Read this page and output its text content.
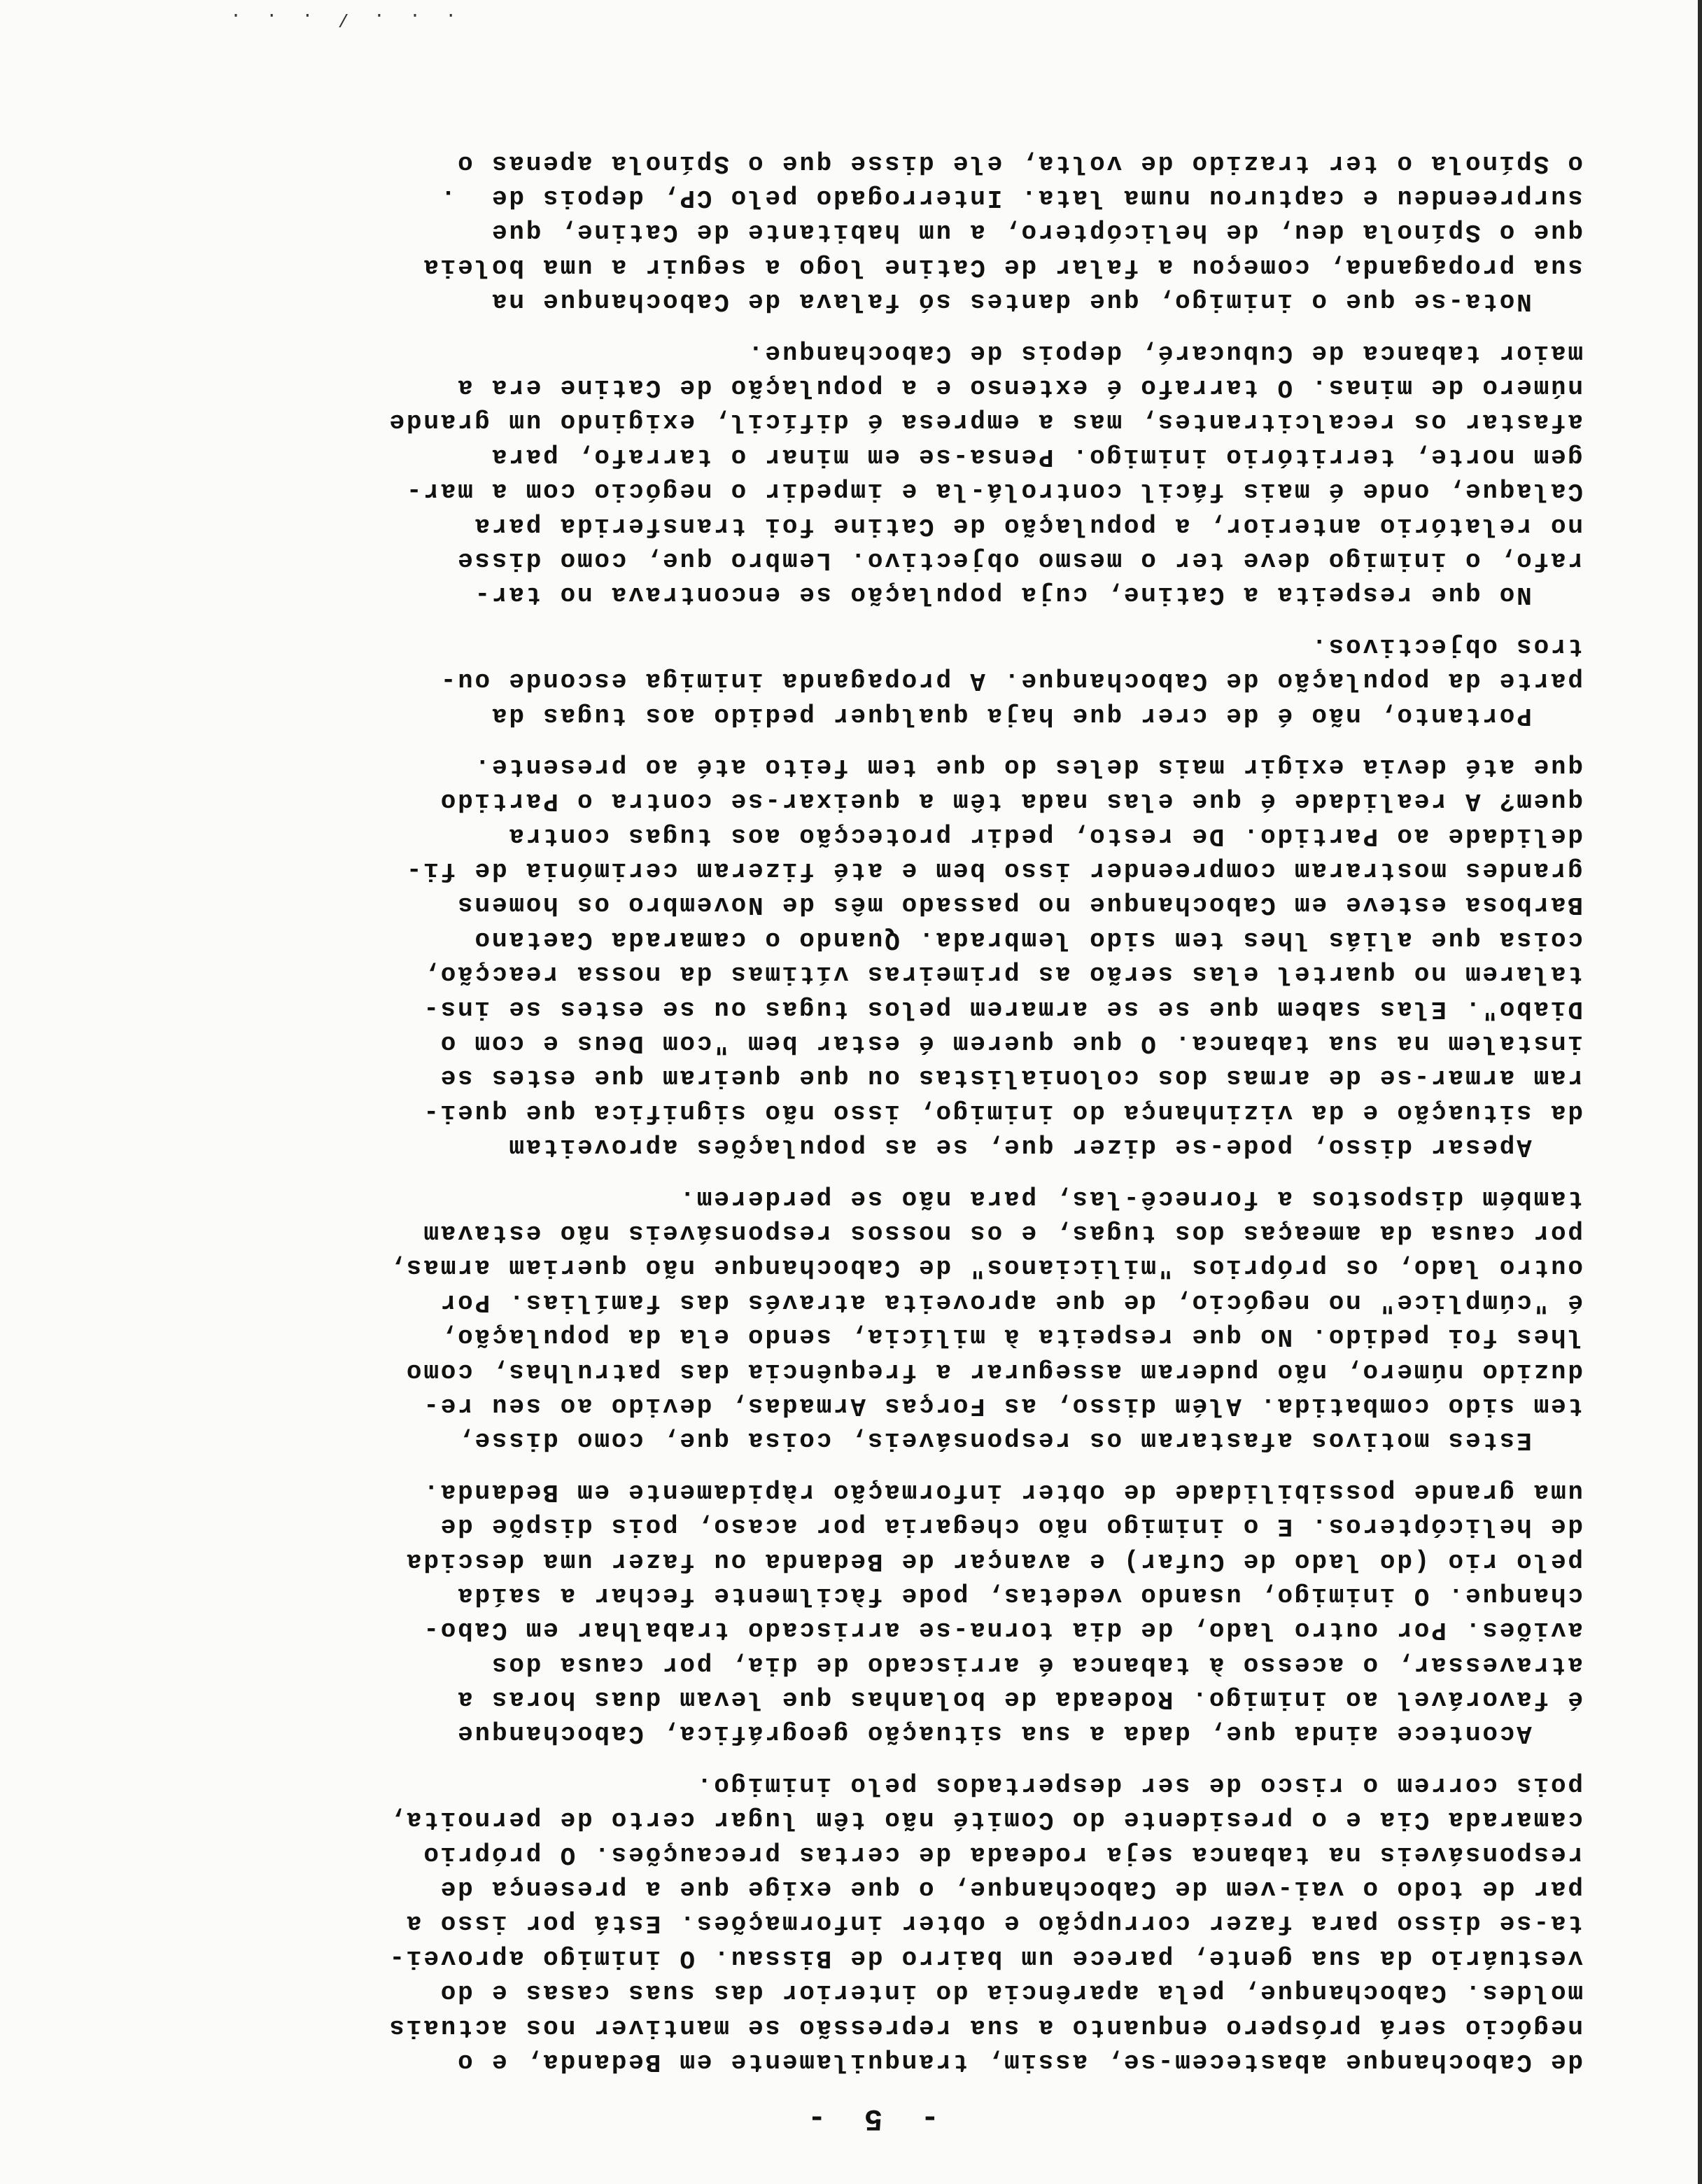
- 5 -
de Cabochanque abastecem-se, assim, tranquilamente em Bedanda, e o
negócio será próspero enquanto a sua repressão se mantiver nos actuais
moldes. Cabochanque, pela aparência do interior das suas casas e do
vestuário da sua gente, parece um bairro de Bissau. O inimigo aprovei-
ta-se disso para fazer corrupção e obter informações. Está por isso a
par de todo o vai-vem de Cabochanque, o que exige que a presença de
responsáveis na tabanca seja rodeada de certas precauções. O próprio
camarada Cia e o presidente do Comité não têm lugar certo de pernoita,
pois correm o risco de ser despertados pelo inimigo.
Acontece ainda que, dada a sua situação geográfica, Cabochanque
é favorável ao inimigo. Rodeada de bolanhas que levam duas horas a
atravessar, o acesso à tabanca é arriscado de dia, por causa dos
aviões. Por outro lado, de dia torna-se arriscado trabalhar em Cabo-
chanque. O inimigo, usando vedetas, pode fàcilmente fechar a saída
pelo rio (do lado de Cufar) e avançar de Bedanda ou fazer uma descida
de helicópteros. E o inimigo não chegaria por acaso, pois dispõe de
uma grande possibilidade de obter informação ràpidamente em Bedanda.
Estes motivos afastaram os responsáveis, coisa que, como disse,
tem sido combatida. Além disso, as Forças Armadas, devido ao seu re-
duzido número, não puderam assegurar a frequência das patrulhas, como
lhes foi pedido. No que respeita à milícia, sendo ela da população,
é "cúmplice" no negócio, de que aproveita através das famílias. Por
outro lado, os próprios "milicianos" de Cabochanque não queriam armas,
por causa da ameaças dos tugas, e os nossos responsáveis não estavam
também dispostos a fornecê-las, para não se perderem.
Apesar disso, pode-se dizer que, se as populações aproveitam
da situação e da vizinhança do inimigo, isso não significa que quei-
ram armar-se de armas dos colonialistas ou que queiram que estes se
instalem na sua tabanca. O que querem é estar bem "com Deus e com o
Diabo". Elas sabem que se se armarem pelos tugas ou se estes se ins-
talarem no quartel elas serão as primeiras vítimas da nossa reacção,
coisa que aliás lhes tem sido lembrada. Quando o camarada Caetano
Barbosa esteve em Cabochanque no passado mês de Novembro os homens
grandes mostraram compreender isso bem e até fizeram cerimónia de fi-
delidade ao Partido. De resto, pedir protecção aos tugas contra
quem? A realidade é que elas nada têm a queixar-se contra o Partido
que até devia exigir mais deles do que tem feito até ao presente.
Portanto, não é de crer que haja qualquer pedido aos tugas da
parte da população de Cabochanque. A propaganda inimiga esconde ou-
tros objectivos.
No que respeita a Catine, cuja população se encontrava no tar-
rafo, o inimigo deve ter o mesmo objectivo. Lembro que, como disse
no relatório anterior, a população de Catine foi transferida para
Calaque, onde é mais fácil controlá-la e impedir o negócio com a mar-
gem norte, território inimigo. Pensa-se em minar o tarrafo, para
afastar os recalcitrantes, mas a empresa é difícil, exigindo um grande
número de minas. O tarrafo é extenso e a população de Catine era a
maior tabanca de Cubucaré, depois de Cabochanque.
Nota-se que o inimigo, que dantes só falava de Cabochanque na
sua propaganda, começou a falar de Catine logo a seguir a uma boleia
que o Spínola deu, de helicóptero, a um habitante de Catine, que
surpreendeu e capturou numa lata. Interrogado pelo CP, depois de  .
o Spínola o ter trazido de volta, ele disse que o Spínola apenas o
. . . / . . .
